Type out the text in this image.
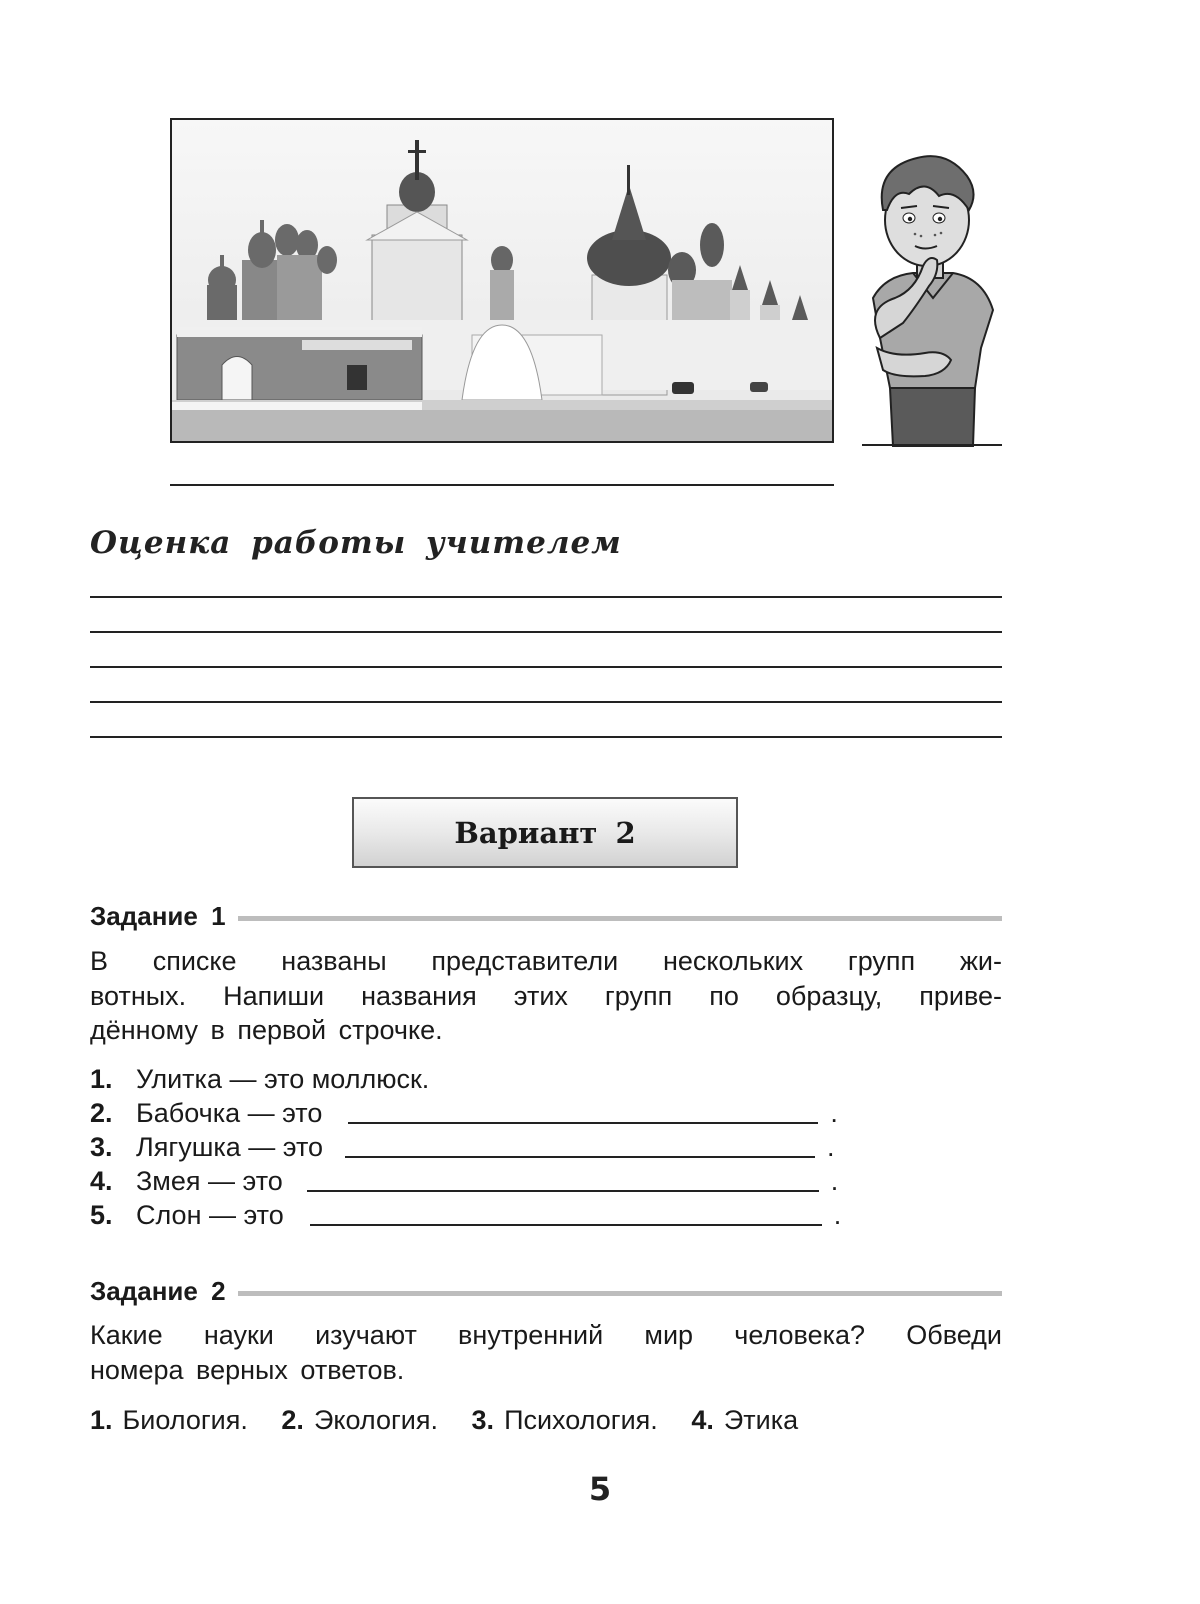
Оценка работы учителем
Вариант 2
Задание 1
В списке названы представители нескольких групп жи-
вотных. Напиши названия этих групп по образцу, приве-
дённому в первой строчке.
1. Улитка — это моллюск.
2. Бабочка — это	.
3. Лягушка — это	.
4. Змея — это	.
5. Слон — это	.
Задание 2
Какие науки изучают внутренний мир человека? Обведи
номера верных ответов.
1. Биология. 2. Экология. 3. Психология. 4. Этика
5
